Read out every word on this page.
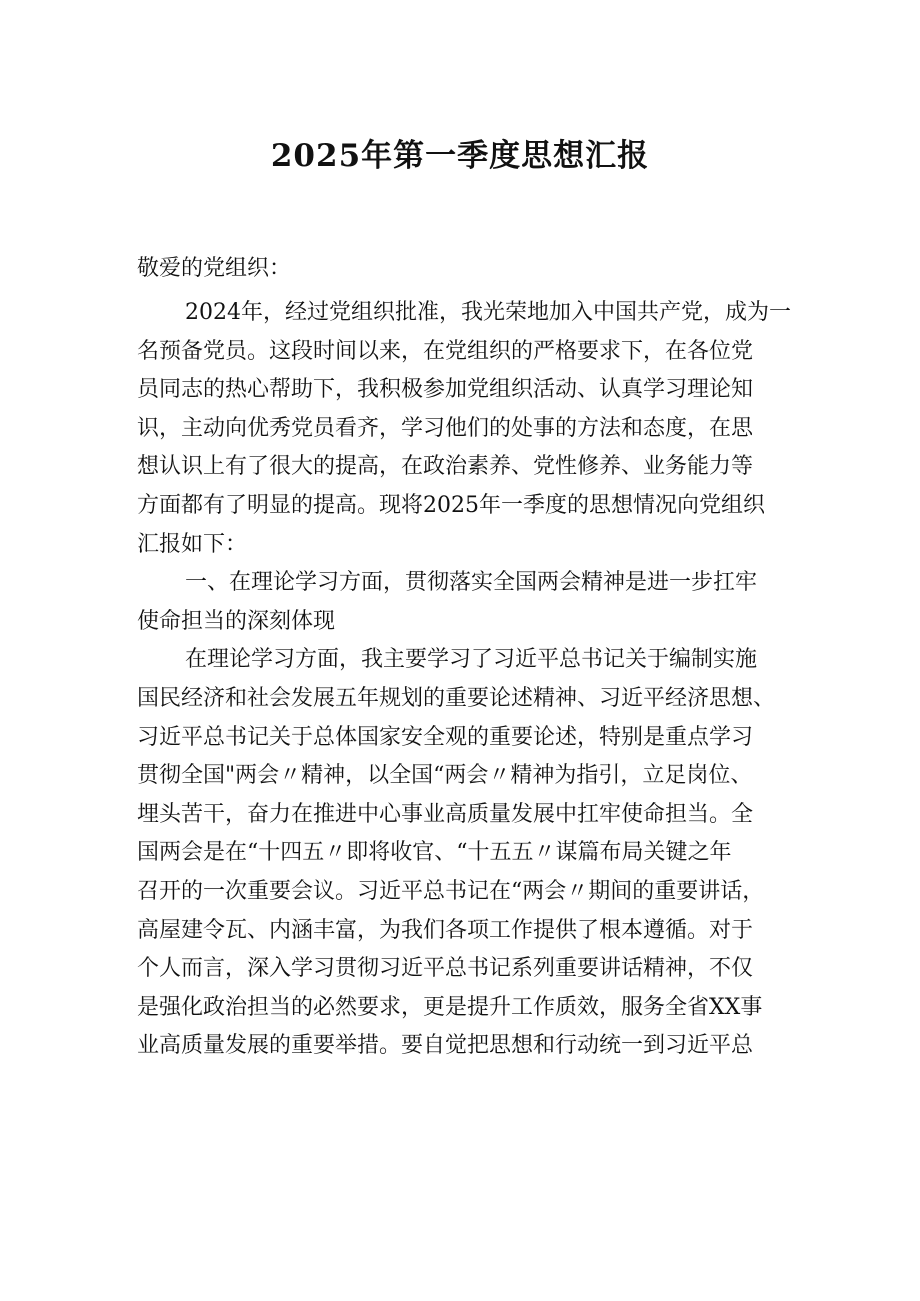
2025年第一季度思想汇报

敬爱的党组织：

2024年，经过党组织批准，我光荣地加入中国共产党，成为一
名预备党员。这段时间以来，在党组织的严格要求下，在各位党
员同志的热心帮助下，我积极参加党组织活动、认真学习理论知
识，主动向优秀党员看齐，学习他们的处事的方法和态度，在思
想认识上有了很大的提高，在政治素养、党性修养、业务能力等
方面都有了明显的提高。现将2025年一季度的思想情况向党组织
汇报如下：
一、在理论学习方面，贯彻落实全国两会精神是进一步扛牢
使命担当的深刻体现
在理论学习方面，我主要学习了习近平总书记关于编制实施
国民经济和社会发展五年规划的重要论述精神、习近平经济思想、
习近平总书记关于总体国家安全观的重要论述，特别是重点学习
贯彻全国"两会〃精神，以全国“两会〃精神为指引，立足岗位、
埋头苦干，奋力在推进中心事业高质量发展中扛牢使命担当。全
国两会是在“十四五〃即将收官、“十五五〃谋篇布局关键之年
召开的一次重要会议。习近平总书记在“两会〃期间的重要讲话，
高屋建令瓦、内涵丰富，为我们各项工作提供了根本遵循。对于
个人而言，深入学习贯彻习近平总书记系列重要讲话精神，不仅
是强化政治担当的必然要求，更是提升工作质效，服务全省XX事
业高质量发展的重要举措。要自觉把思想和行动统一到习近平总
